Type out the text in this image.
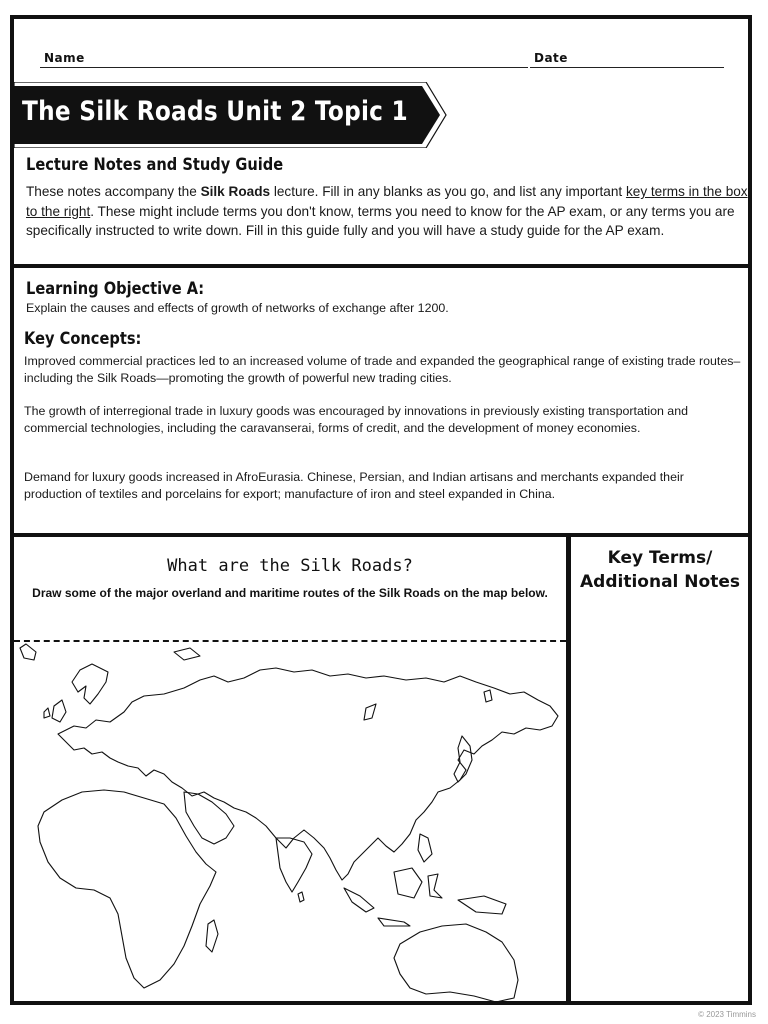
Name	Date
The Silk Roads Unit 2 Topic 1
Lecture Notes and Study Guide
These notes accompany the Silk Roads lecture. Fill in any blanks as you go, and list any important key terms in the box to the right. These might include terms you don't know, terms you need to know for the AP exam, or any terms you are specifically instructed to write down. Fill in this guide fully and you will have a study guide for the AP exam.
Learning Objective A:
Explain the causes and effects of growth of networks of exchange after 1200.
Key Concepts:
Improved commercial practices led to an increased volume of trade and expanded the geographical range of existing trade routes– including the Silk Roads—promoting the growth of powerful new trading cities.
The growth of interregional trade in luxury goods was encouraged by innovations in previously existing transportation and commercial technologies, including the caravanserai, forms of credit, and the development of money economies.
Demand for luxury goods increased in AfroEurasia. Chinese, Persian, and Indian artisans and merchants expanded their production of textiles and porcelains for export; manufacture of iron and steel expanded in China.
What are the Silk Roads?
Draw some of the major overland and maritime routes of the Silk Roads on the map below.
Key Terms/ Additional Notes
© 2023 Timmins
